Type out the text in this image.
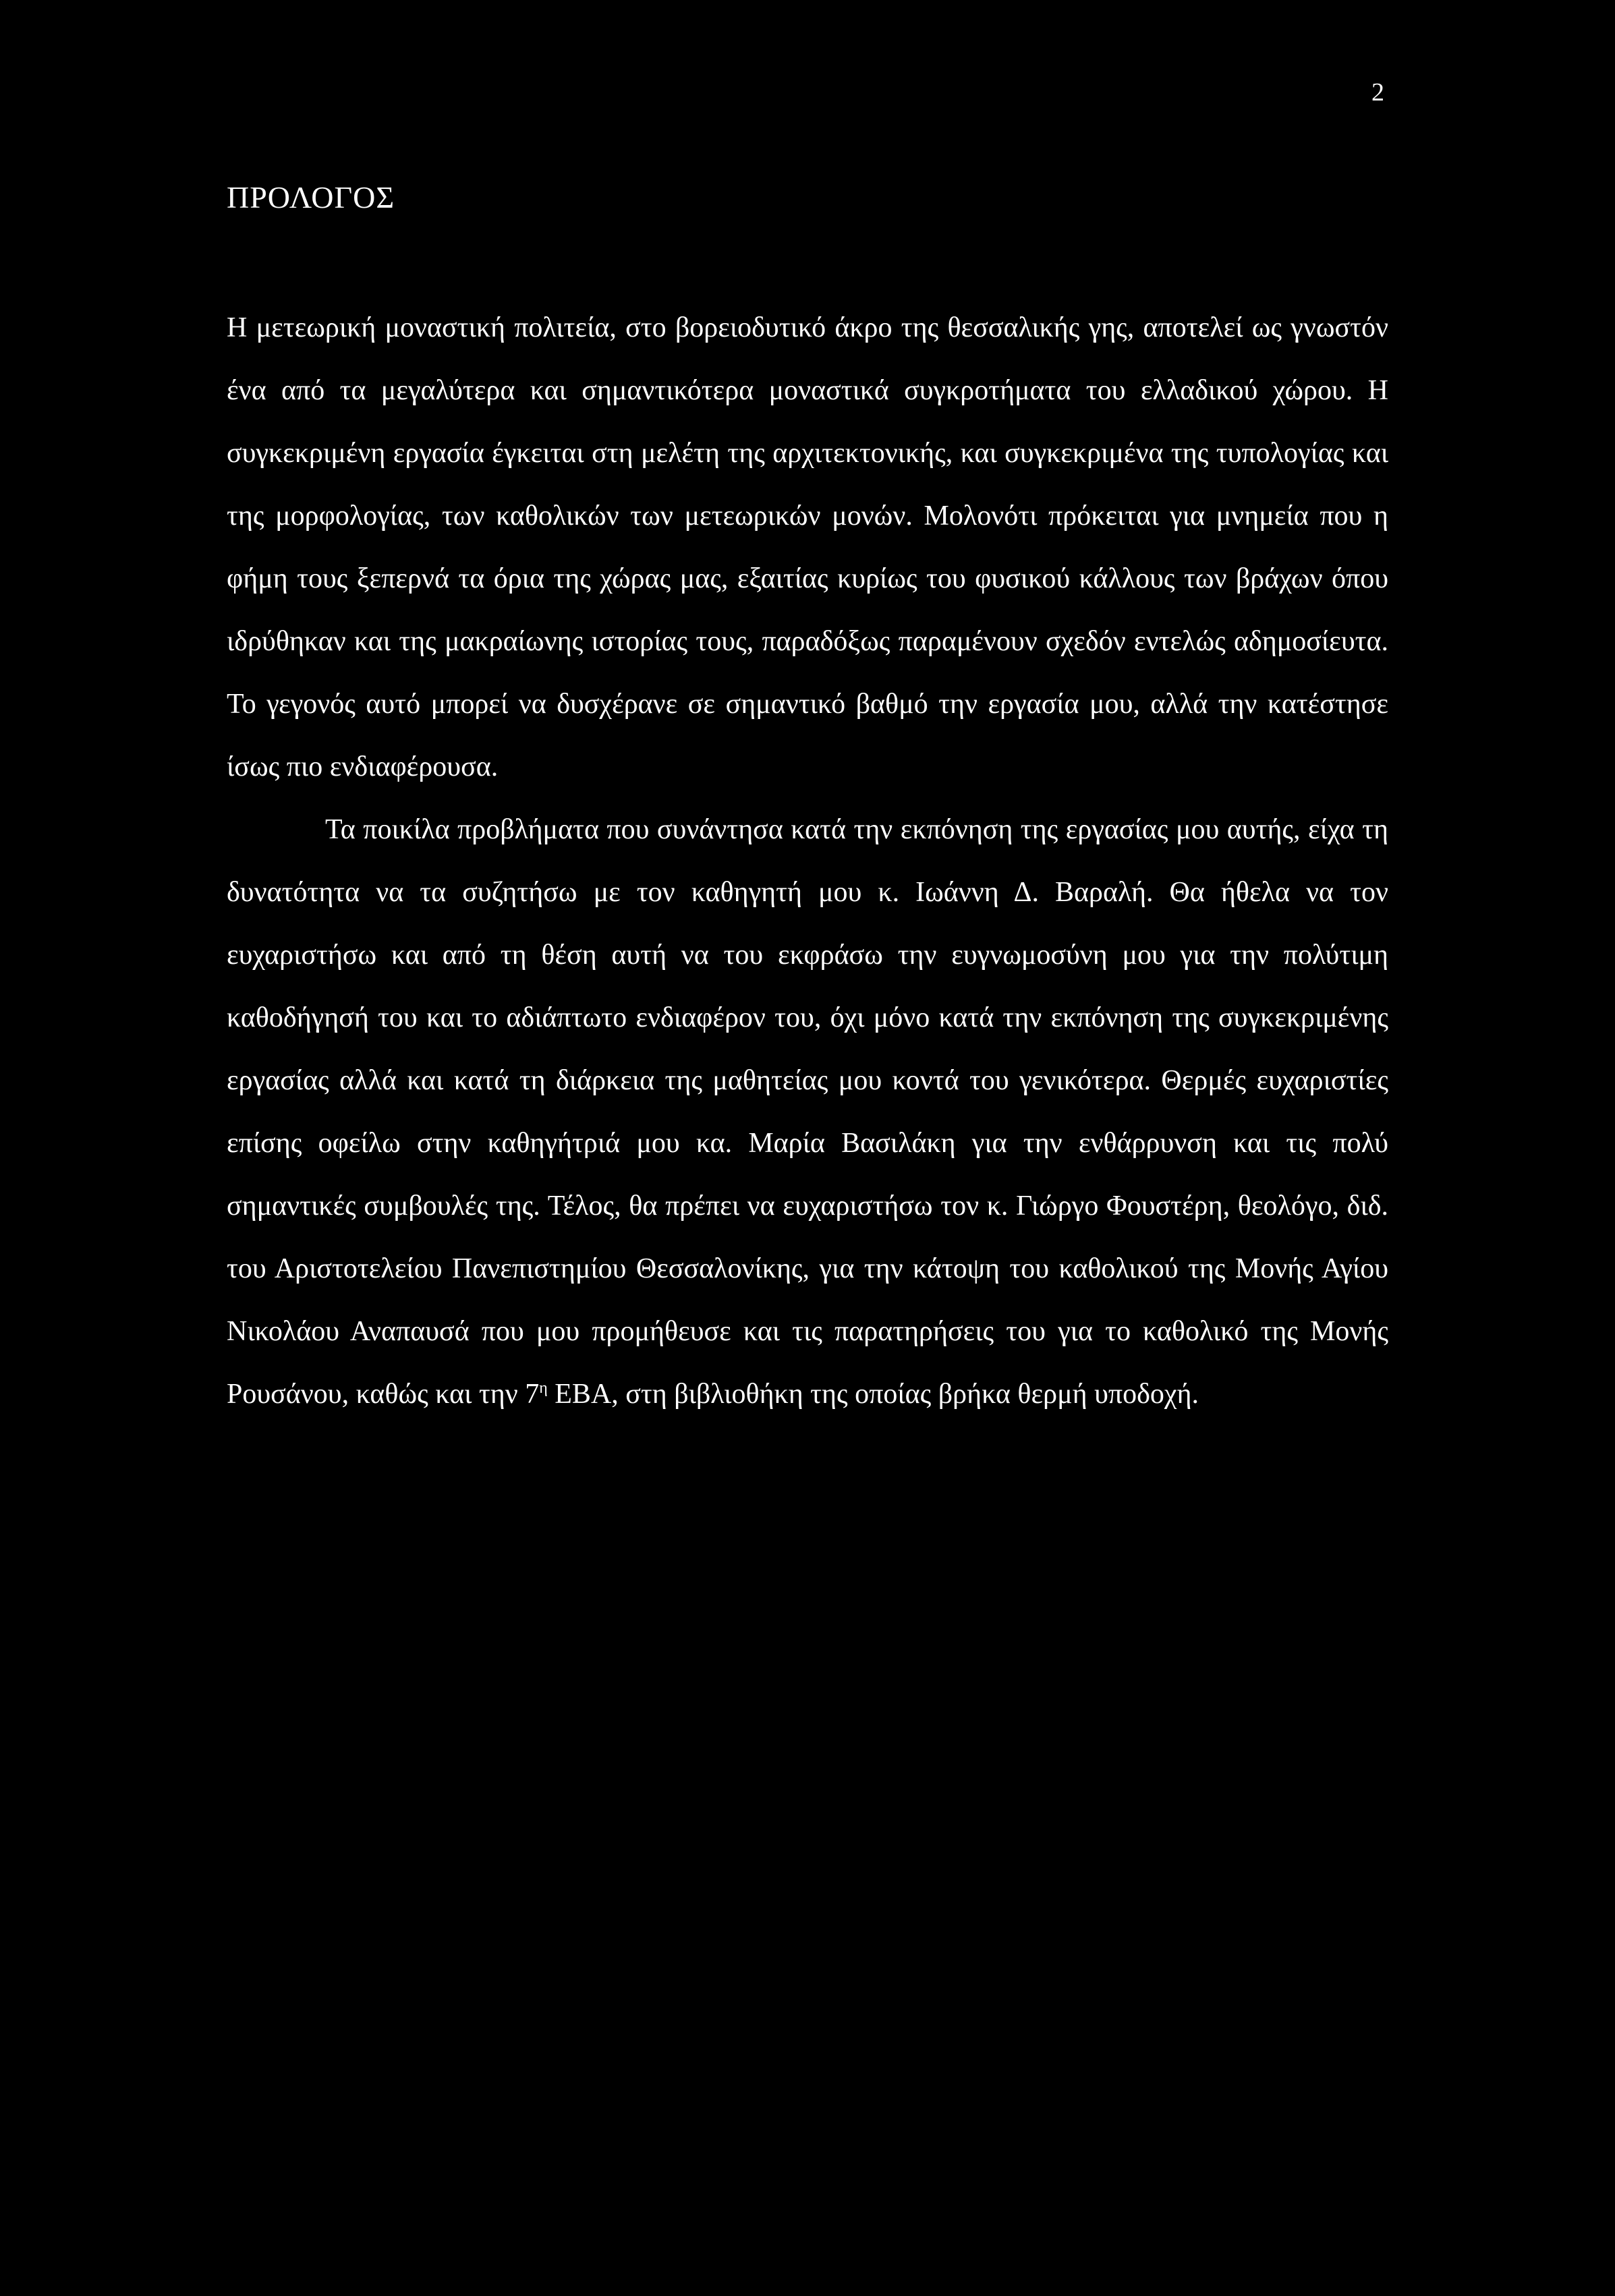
2
ΠΡΟΛΟΓΟΣ

Η μετεωρική μοναστική πολιτεία, στο βορειοδυτικό άκρο της θεσσαλικής γης, αποτελεί ως γνωστόν ένα από τα μεγαλύτερα και σημαντικότερα μοναστικά συγκροτήματα του ελλαδικού χώρου. Η συγκεκριμένη εργασία έγκειται στη μελέτη της αρχιτεκτονικής, και συγκεκριμένα της τυπολογίας και της μορφολογίας, των καθολικών των μετεωρικών μονών. Μολονότι πρόκειται για μνημεία που η φήμη τους ξεπερνά τα όρια της χώρας μας, εξαιτίας κυρίως του φυσικού κάλλους των βράχων όπου ιδρύθηκαν και της μακραίωνης ιστορίας τους, παραδόξως παραμένουν σχεδόν εντελώς αδημοσίευτα. Το γεγονός αυτό μπορεί να δυσχέρανε σε σημαντικό βαθμό την εργασία μου, αλλά την κατέστησε ίσως πιο ενδιαφέρουσα.

Τα ποικίλα προβλήματα που συνάντησα κατά την εκπόνηση της εργασίας μου αυτής, είχα τη δυνατότητα να τα συζητήσω με τον καθηγητή μου κ. Ιωάννη Δ. Βαραλή. Θα ήθελα να τον ευχαριστήσω και από τη θέση αυτή να του εκφράσω την ευγνωμοσύνη μου για την πολύτιμη καθοδήγησή του και το αδιάπτωτο ενδιαφέρον του, όχι μόνο κατά την εκπόνηση της συγκεκριμένης εργασίας αλλά και κατά τη διάρκεια της μαθητείας μου κοντά του γενικότερα. Θερμές ευχαριστίες επίσης οφείλω στην καθηγήτριά μου κα. Μαρία Βασιλάκη για την ενθάρρυνση και τις πολύ σημαντικές συμβουλές της. Τέλος, θα πρέπει να ευχαριστήσω τον κ. Γιώργο Φουστέρη, θεολόγο, διδ. του Αριστοτελείου Πανεπιστημίου Θεσσαλονίκης, για την κάτοψη του καθολικού της Μονής Αγίου Νικολάου Αναπαυσά που μου προμήθευσε και τις παρατηρήσεις του για το καθολικό της Μονής Ρουσάνου, καθώς και την $7^\eta$ ΕΒΑ, στη βιβλιοθήκη της οποίας βρήκα θερμή υποδοχή.
